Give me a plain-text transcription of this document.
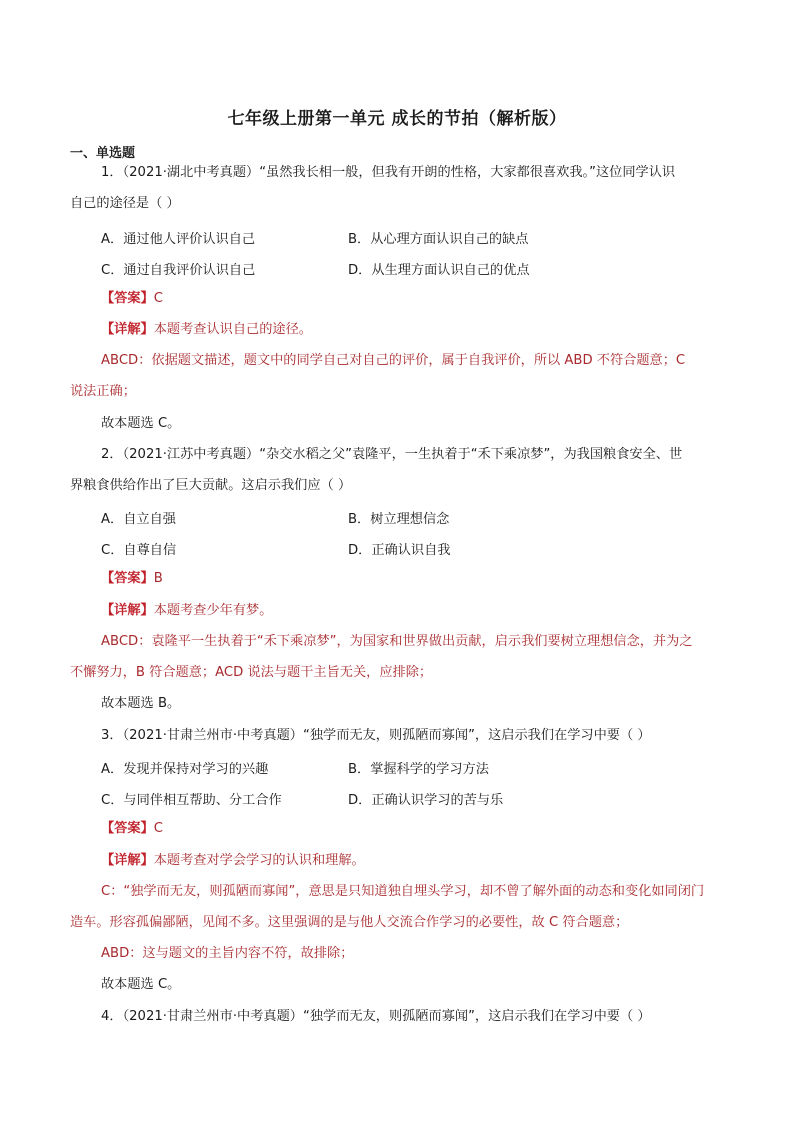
七年级上册第一单元 成长的节拍（解析版）
一、单选题
1．（2021·湖北中考真题）“虽然我长相一般，但我有开朗的性格，大家都很喜欢我。”这位同学认识
自己的途径是（ ）
A．通过他人评价认识自己	B．从心理方面认识自己的缺点
C．通过自我评价认识自己	D．从生理方面认识自己的优点
【答案】C
【详解】本题考查认识自己的途径。
ABCD：依据题文描述，题文中的同学自己对自己的评价，属于自我评价，所以 ABD 不符合题意；C
说法正确；
故本题选 C。
2．（2021·江苏中考真题）“杂交水稻之父”袁隆平，一生执着于“禾下乘凉梦”，为我国粮食安全、世
界粮食供给作出了巨大贡献。这启示我们应（ ）
A．自立自强	B．树立理想信念
C．自尊自信	D．正确认识自我
【答案】B
【详解】本题考查少年有梦。
ABCD：袁隆平一生执着于“禾下乘凉梦”，为国家和世界做出贡献，启示我们要树立理想信念，并为之
不懈努力，B 符合题意；ACD 说法与题干主旨无关，应排除；
故本题选 B。
3．（2021·甘肃兰州市·中考真题）“独学而无友，则孤陋而寡闻”，这启示我们在学习中要（ ）
A．发现并保持对学习的兴趣	B．掌握科学的学习方法
C．与同伴相互帮助、分工合作	D．正确认识学习的苦与乐
【答案】C
【详解】本题考查对学会学习的认识和理解。
C：“独学而无友，则孤陋而寡闻”，意思是只知道独自埋头学习，却不曾了解外面的动态和变化如同闭门
造车。形容孤偏鄙陋，见闻不多。这里强调的是与他人交流合作学习的必要性，故 C 符合题意；
ABD：这与题文的主旨内容不符，故排除；
故本题选 C。
4．（2021·甘肃兰州市·中考真题）“独学而无友，则孤陋而寡闻”，这启示我们在学习中要（ ）
